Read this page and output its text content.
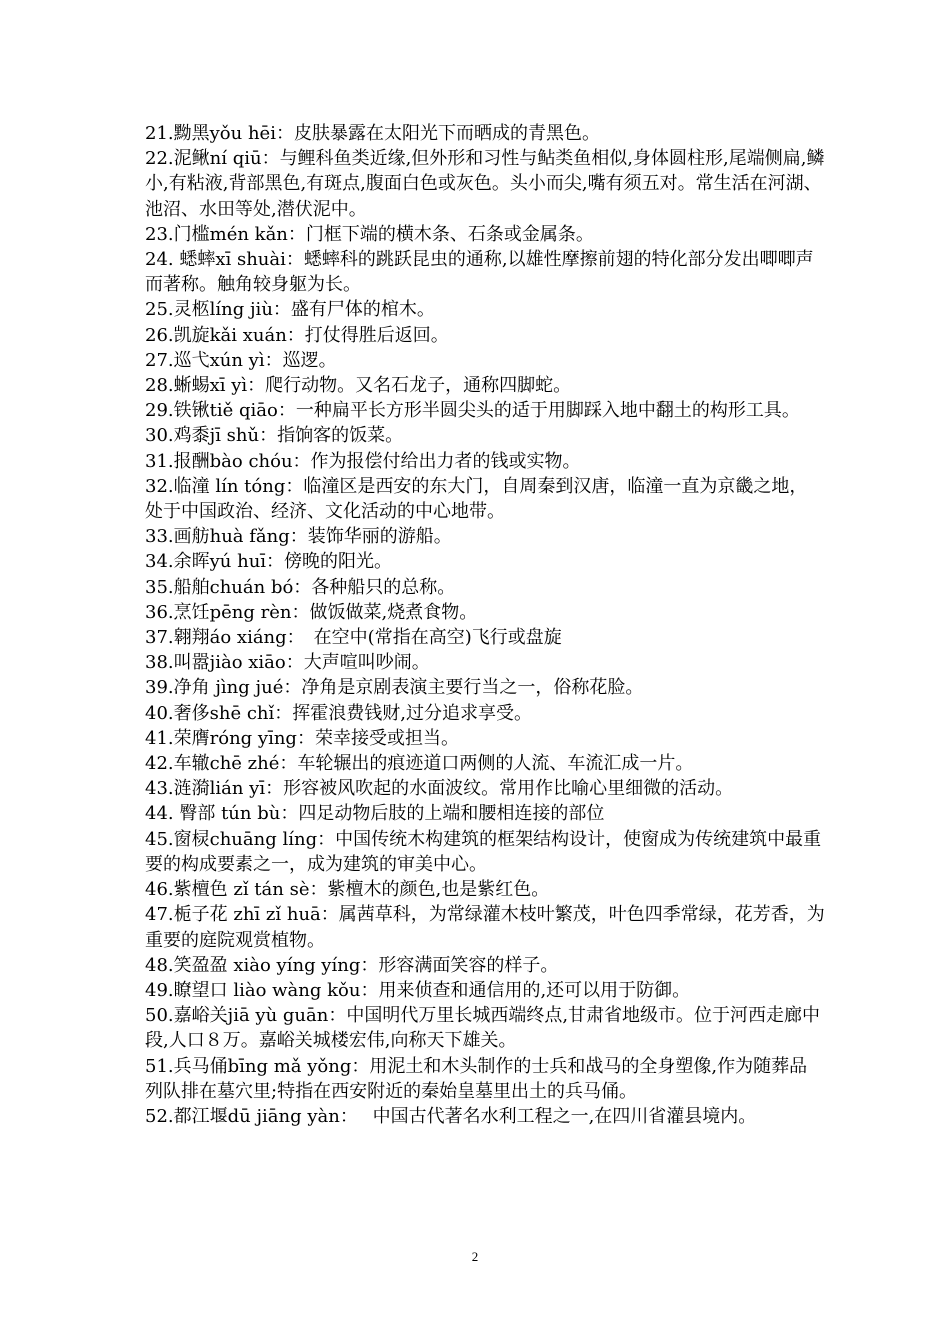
21.黝黑yǒu hēi：皮肤暴露在太阳光下而晒成的青黑色。

22.泥鳅ní qiū：与鲤科鱼类近缘,但外形和习性与鲇类鱼相似,身体圆柱形,尾端侧扁,鳞小,有粘液,背部黑色,有斑点,腹面白色或灰色。头小而尖,嘴有须五对。常生活在河湖、池沼、水田等处,潜伏泥中。

23.门槛mén kǎn：门框下端的横木条、石条或金属条。

24. 蟋蟀xī shuài：蟋蟀科的跳跃昆虫的通称,以雄性摩擦前翅的特化部分发出唧唧声而著称。触角较身躯为长。

25.灵柩líng jiù：盛有尸体的棺木。

26.凯旋kǎi xuán：打仗得胜后返回。

27.巡弋xún yì：巡逻。

28.蜥蜴xī yì：爬行动物。又名石龙子，通称四脚蛇。

29.铁锹tiě qiāo：一种扁平长方形半圆尖头的适于用脚踩入地中翻土的构形工具。

30.鸡黍jī shǔ：指饷客的饭菜。

31.报酬bào chóu：作为报偿付给出力者的钱或实物。

32.临潼 lín tóng：临潼区是西安的东大门，自周秦到汉唐，临潼一直为京畿之地，处于中国政治、经济、文化活动的中心地带。

33.画舫huà fǎng：装饰华丽的游船。

34.余晖yú huī：傍晚的阳光。

35.船舶chuán bó：各种船只的总称。

36.烹饪pēng rèn：做饭做菜,烧煮食物。

37.翱翔áo xiáng：　在空中(常指在高空)飞行或盘旋

38.叫嚣jiào xiāo：大声喧叫吵闹。

39.净角 jìng jué：净角是京剧表演主要行当之一，俗称花脸。

40.奢侈shē chǐ：挥霍浪费钱财,过分追求享受。

41.荣膺róng yīng：荣幸接受或担当。

42.车辙chē zhé：车轮辗出的痕迹道口两侧的人流、车流汇成一片。

43.涟漪lián yī：形容被风吹起的水面波纹。常用作比喻心里细微的活动。

44. 臀部 tún bù：四足动物后肢的上端和腰相连接的部位

45.窗棂chuāng líng：中国传统木构建筑的框架结构设计，使窗成为传统建筑中最重要的构成要素之一，成为建筑的审美中心。

46.紫檀色 zǐ tán sè：紫檀木的颜色,也是紫红色。

47.栀子花 zhī zǐ huā：属茜草科，为常绿灌木枝叶繁茂，叶色四季常绿，花芳香，为重要的庭院观赏植物。

48.笑盈盈 xiào yíng yíng：形容满面笑容的样子。

49.瞭望口 liào wàng kǒu：用来侦查和通信用的,还可以用于防御。

50.嘉峪关jiā yù guān：中国明代万里长城西端终点,甘肃省地级市。位于河西走廊中段,人口８万。嘉峪关城楼宏伟,向称天下雄关。

51.兵马俑bīng mǎ yǒng：用泥土和木头制作的士兵和战马的全身塑像,作为随葬品列队排在墓穴里;特指在西安附近的秦始皇墓里出土的兵马俑。

52.都江堰dū jiāng yàn：　 中国古代著名水利工程之一,在四川省灌县境内。

2
